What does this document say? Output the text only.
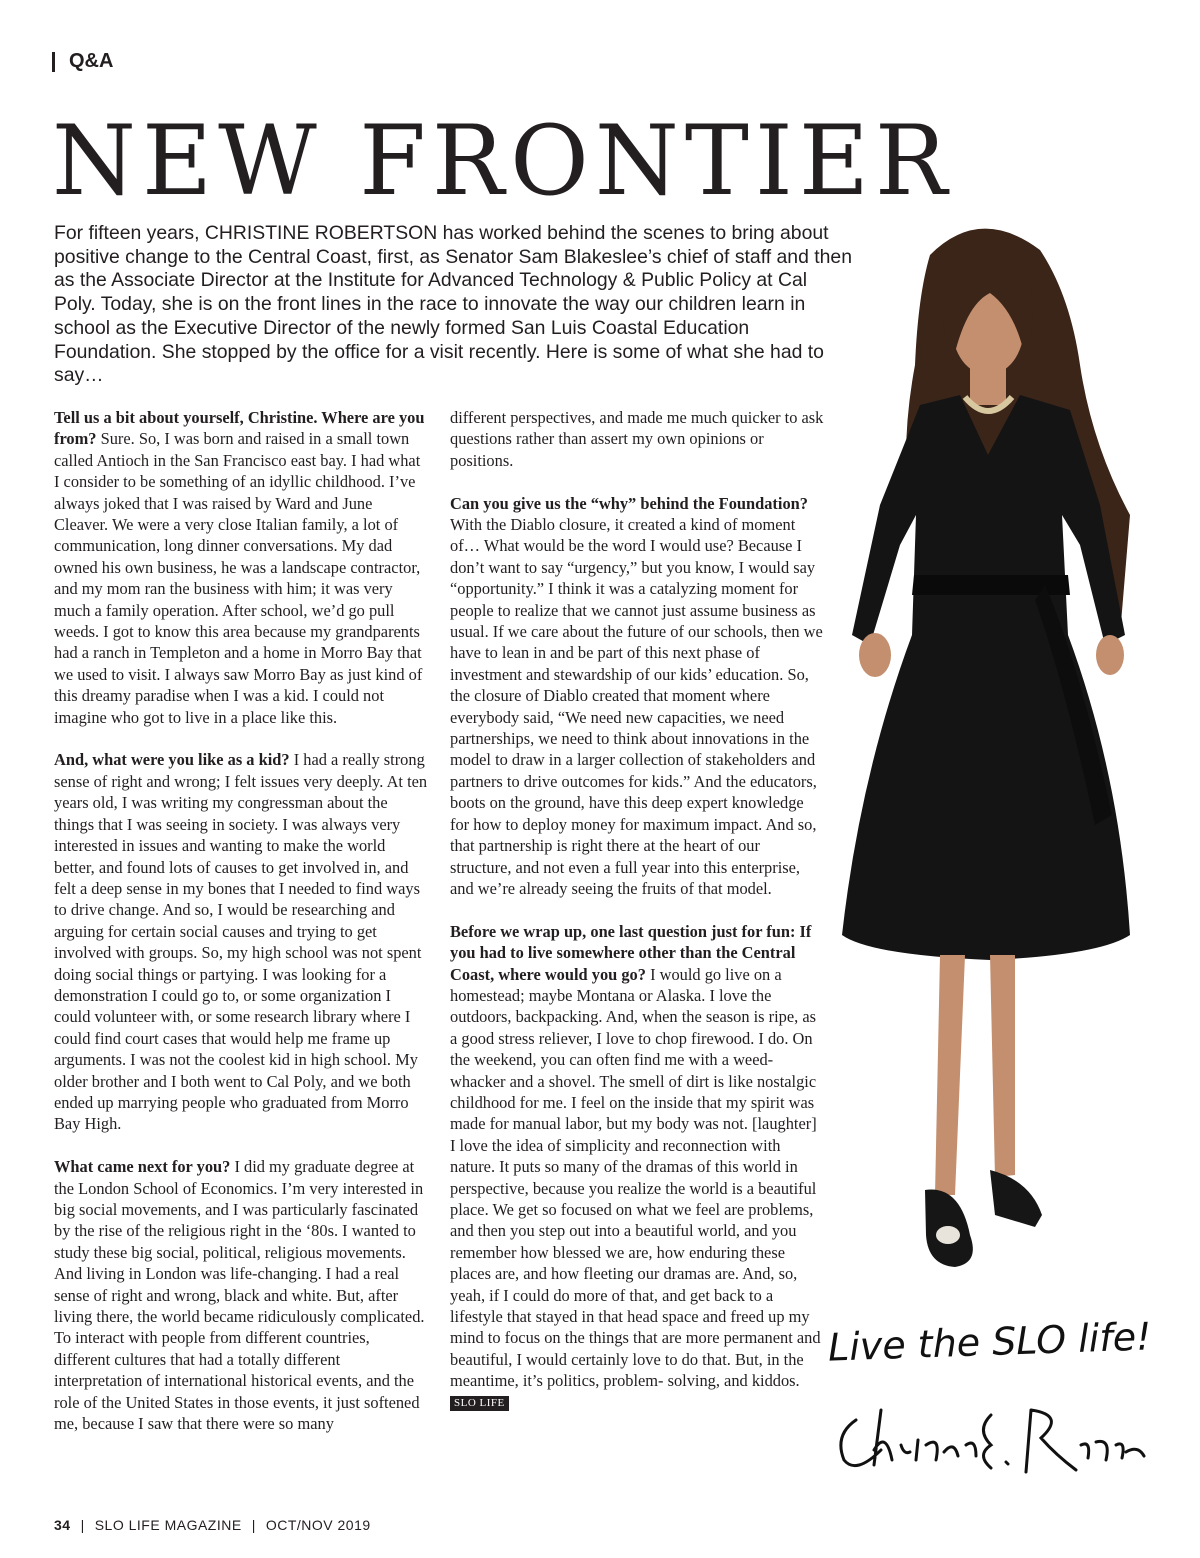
Q&A
NEW FRONTIER

For fifteen years, CHRISTINE ROBERTSON has worked behind the scenes to bring about positive change to the Central Coast, first, as Senator Sam Blakeslee’s chief of staff and then as the Associate Director at the Institute for Advanced Technology & Public Policy at Cal Poly. Today, she is on the front lines in the race to innovate the way our children learn in school as the Executive Director of the newly formed San Luis Coastal Education Foundation. She stopped by the office for a visit recently. Here is some of what she had to say…

Tell us a bit about yourself, Christine. Where are you from? Sure. So, I was born and raised in a small town called Antioch in the San Francisco east bay. I had what I consider to be something of an idyllic childhood. I’ve always joked that I was raised by Ward and June Cleaver. We were a very close Italian family, a lot of communication, long dinner conversations. My dad owned his own business, he was a landscape contractor, and my mom ran the business with him; it was very much a family operation. After school, we’d go pull weeds. I got to know this area because my grandparents had a ranch in Templeton and a home in Morro Bay that we used to visit. I always saw Morro Bay as just kind of this dreamy paradise when I was a kid. I could not imagine who got to live in a place like this.

And, what were you like as a kid? I had a really strong sense of right and wrong; I felt issues very deeply. At ten years old, I was writing my congressman about the things that I was seeing in society. I was always very interested in issues and wanting to make the world better, and found lots of causes to get involved in, and felt a deep sense in my bones that I needed to find ways to drive change. And so, I would be researching and arguing for certain social causes and trying to get involved with groups. So, my high school was not spent doing social things or partying. I was looking for a demonstration I could go to, or some organization I could volunteer with, or some research library where I could find court cases that would help me frame up arguments. I was not the coolest kid in high school. My older brother and I both went to Cal Poly, and we both ended up marrying people who graduated from Morro Bay High.

What came next for you? I did my graduate degree at the London School of Economics. I’m very interested in big social movements, and I was particularly fascinated by the rise of the religious right in the ‘80s. I wanted to study these big social, political, religious movements. And living in London was life-changing. I had a real sense of right and wrong, black and white. But, after living there, the world became ridiculously complicated. To interact with people from different countries, different cultures that had a totally different interpretation of international historical events, and the role of the United States in those events, it just softened me, because I saw that there were so many

different perspectives, and made me much quicker to ask questions rather than assert my own opinions or positions.

Can you give us the “why” behind the Foundation? With the Diablo closure, it created a kind of moment of… What would be the word I would use? Because I don’t want to say “urgency,” but you know, I would say “opportunity.” I think it was a catalyzing moment for people to realize that we cannot just assume business as usual. If we care about the future of our schools, then we have to lean in and be part of this next phase of investment and stewardship of our kids’ education. So, the closure of Diablo created that moment where everybody said, “We need new capacities, we need partnerships, we need to think about innovations in the model to draw in a larger collection of stakeholders and partners to drive outcomes for kids.” And the educators, boots on the ground, have this deep expert knowledge for how to deploy money for maximum impact. And so, that partnership is right there at the heart of our structure, and not even a full year into this enterprise, and we’re already seeing the fruits of that model.

Before we wrap up, one last question just for fun: If you had to live somewhere other than the Central Coast, where would you go? I would go live on a homestead; maybe Montana or Alaska. I love the outdoors, backpacking. And, when the season is ripe, as a good stress reliever, I love to chop firewood. I do. On the weekend, you can often find me with a weed-whacker and a shovel. The smell of dirt is like nostalgic childhood for me. I feel on the inside that my spirit was made for manual labor, but my body was not. [laughter] I love the idea of simplicity and reconnection with nature. It puts so many of the dramas of this world in perspective, because you realize the world is a beautiful place. We get so focused on what we feel are problems, and then you step out into a beautiful world, and you remember how blessed we are, how enduring these places are, and how fleeting our dramas are. And, so, yeah, if I could do more of that, and get back to a lifestyle that stayed in that head space and freed up my mind to focus on the things that are more permanent and beautiful, I would certainly love to do that. But, in the meantime, it’s politics, problem- solving, and kiddos. SLO LIFE

Live the SLO life!
34 | SLO LIFE MAGAZINE | OCT/NOV 2019
